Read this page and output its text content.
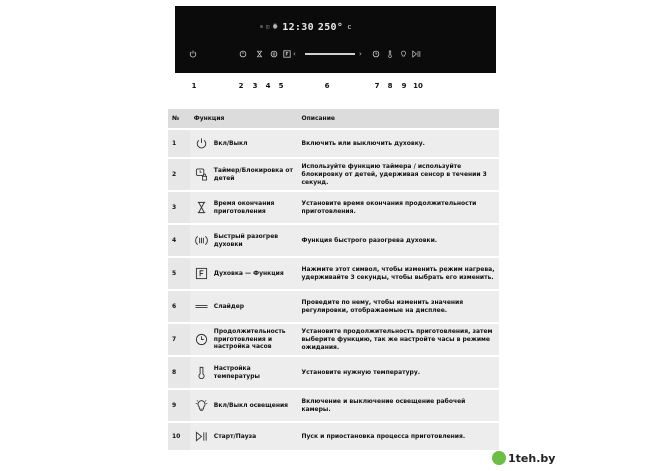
⊙ ◫ ⌚ 12:30 250° c
‹	›
1	2 3 4 5	6	7 8 9 10
№	Функция	Описание
1	Вкл/Выкл	Включить или выключить духовку.
2	Таймер/Блокировка от детей	Используйте функцию таймера / используйте блокировку от детей, удерживая сенсор в течении 3 секунд.
3	Время окончания приготовления	Установите время окончания продолжительности приготовления.
4	Быстрый разогрев духовки	Функция быстрого разогрева духовки.
5	Духовка — Функция	Нажмите этот символ, чтобы изменить режим нагрева, удерживайте 3 секунды, чтобы выбрать его изменить.
6	Слайдер	Проведите по нему, чтобы изменить значения регулировки, отображаемые на дисплее.
7	Продолжительность приготовления и настройка часов	Установите продолжительность приготовления, затем выберите функцию, так же настройте часы в режиме ожидания.
8	Настройка температуры	Установите нужную температуру.
9	Вкл/Выкл освещения	Включение и выключение освещение рабочей камеры.
10	Старт/Пауза	Пуск и приостановка процесса приготовления.
1teh.by
